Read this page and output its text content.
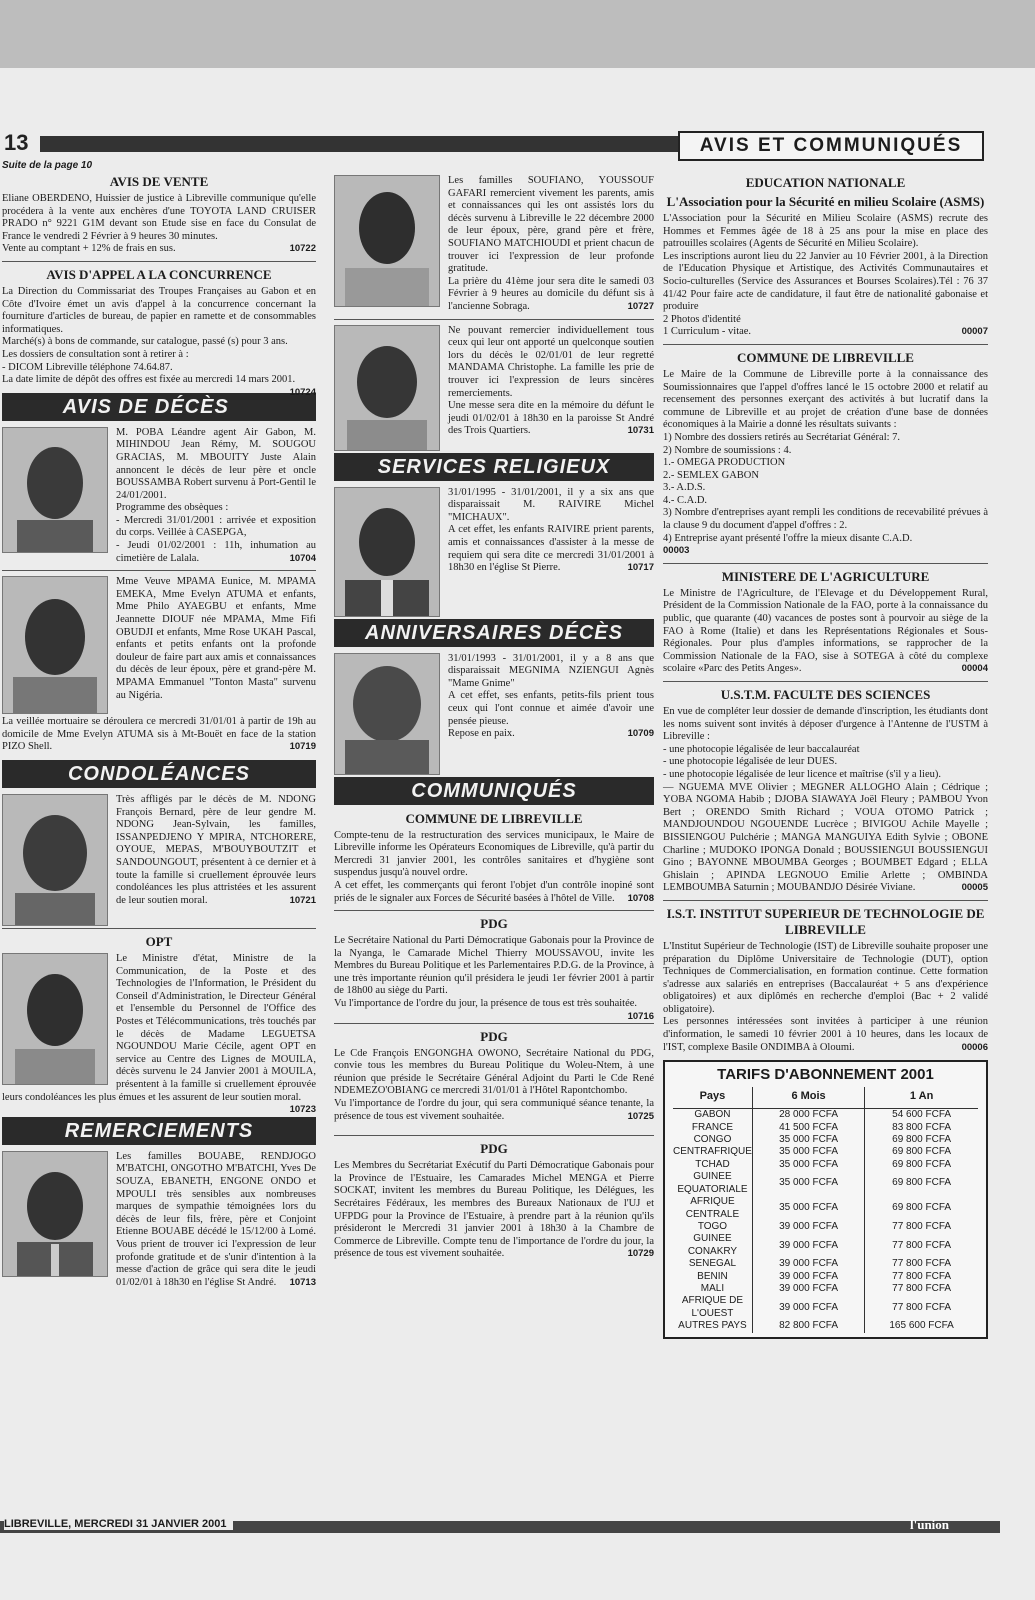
13	AVIS ET COMMUNIQUÉS

Suite de la page 10

AVIS DE VENTE

Eliane OBERDENO, Huissier de justice à Libreville communique qu'elle procédera à la vente aux enchères d'une TOYOTA LAND CRUISER PRADO n° 9221 G1M devant son Etude sise en face du Consulat de France le vendredi 2 Février à 9 heures 30 minutes.

Vente au comptant + 12% de frais en sus.	10722

AVIS D'APPEL A LA CONCURRENCE

La Direction du Commissariat des Troupes Françaises au Gabon et en Côte d'Ivoire émet un avis d'appel à la concurrence concernant la fourniture d'articles de bureau, de papier en ramette et de consommables informatiques.

Marché(s) à bons de commande, sur catalogue, passé (s) pour 3 ans.

Les dossiers de consultation sont à retirer à :

- DICOM Libreville téléphone 74.64.87.

La date limite de dépôt des offres est fixée au mercredi 14 mars 2001.
10724

AVIS DE DÉCÈS

M. POBA Léandre agent Air Gabon, M. MIHINDOU Jean Rémy, M. SOUGOU GRACIAS, M. MBOUITY Juste Alain annoncent le décès de leur père et oncle BOUSSAMBA Robert survenu à Port-Gentil le 24/01/2001.

Programme des obsèques :

- Mercredi 31/01/2001 : arrivée et exposition du corps. Veillée à CASEPGA,

- Jeudi 01/02/2001 : 11h, inhumation au cimetière de Lalala.	10704

Mme Veuve MPAMA Eunice, M. MPAMA EMEKA, Mme Evelyn ATUMA et enfants, Mme Philo AYAEGBU et enfants, Mme Jeannette DIOUF née MPAMA, Mme Fifi OBUDJI et enfants, Mme Rose UKAH Pascal, enfants et petits enfants ont la profonde douleur de faire part aux amis et connaissances du décès de leur époux, père et grand-père M. MPAMA Emmanuel "Tonton Masta" survenu au Nigéria.

La veillée mortuaire se déroulera ce mercredi 31/01/01 à partir de 19h au domicile de Mme Evelyn ATUMA sis à Mt-Bouët en face de la station PIZO Shell.	10719

CONDOLÉANCES

Très affligés par le décès de M. NDONG François Bernard, père de leur gendre M. NDONG Jean-Sylvain, les familles, ISSANPEDJENO Y MPIRA, NTCHORERE, OYOUE, MEPAS, M'BOUYBOUTZIT et SANDOUNGOUT, présentent à ce dernier et à toute la famille si cruellement éprouvée leurs condoléances les plus attristées et les assurent de leur soutien moral.	10721

OPT

Le Ministre d'état, Ministre de la Communication, de la Poste et des Technologies de l'Information, le Président du Conseil d'Administration, le Directeur Général et l'ensemble du Personnel de l'Office des Postes et Télécommunications, très touchés par le décès de Madame LEGUETSA NGOUNDOU Marie Cécile, agent OPT en service au Centre des Lignes de MOUILA, décès survenu le 24 Janvier 2001 à MOUILA, présentent à la famille si cruellement éprouvée leurs condoléances les plus émues et les assurent de leur soutien moral.
10723

REMERCIEMENTS

Les familles BOUABE, RENDJOGO M'BATCHI, ONGOTHO M'BATCHI, Yves De SOUZA, EBANETH, ENGONE ONDO et MPOULI très sensibles aux nombreuses marques de sympathie témoignées lors du décès de leur fils, frère, père et Conjoint Etienne BOUABE décédé le 15/12/00 à Lomé. Vous prient de trouver ici l'expression de leur profonde gratitude et de s'unir d'intention à la messe d'action de grâce qui sera dite le jeudi 01/02/01 à 18h30 en l'église St André. 10713

Les familles SOUFIANO, YOUSSOUF GAFARI remercient vivement les parents, amis et connaissances qui les ont assistés lors du décès survenu à Libreville le 22 décembre 2000 de leur époux, père, grand père et frère, SOUFIANO MATCHIOUDI et prient chacun de trouver ici l'expression de leur profonde gratitude.

La prière du 41ème jour sera dite le samedi 03 Février à 9 heures au domicile du défunt sis à l'ancienne Sobraga.	10727

Ne pouvant remercier individuellement tous ceux qui leur ont apporté un quelconque soutien lors du décès le 02/01/01 de leur regretté MANDAMA Christophe. La famille les prie de trouver ici l'expression de leurs sincères remerciements.

Une messe sera dite en la mémoire du défunt le jeudi 01/02/01 à 18h30 en la paroisse St André des Trois Quartiers.	10731

SERVICES RELIGIEUX

31/01/1995 - 31/01/2001, il y a six ans que disparaissait M. RAIVIRE Michel "MICHAUX".

A cet effet, les enfants RAIVIRE prient parents, amis et connaissances d'assister à la messe de requiem qui sera dite ce mercredi 31/01/2001 à 18h30 en l'église St Pierre.	10717

ANNIVERSAIRES DÉCÈS

31/01/1993 - 31/01/2001, il y a 8 ans que disparaissait MEGNIMA NZIENGUI Agnès "Mame Gnime"

A cet effet, ses enfants, petits-fils prient tous ceux qui l'ont connue et aimée d'avoir une pensée pieuse.

Repose en paix.	10709

COMMUNIQUÉS
COMMUNE DE LIBREVILLE

Compte-tenu de la restructuration des services municipaux, le Maire de Libreville informe les Opérateurs Economiques de Libreville, qu'à partir du Mercredi 31 janvier 2001, les contrôles sanitaires et d'hygiène sont suspendus jusqu'à nouvel ordre.

A cet effet, les commerçants qui feront l'objet d'un contrôle inopiné sont priés de le signaler aux Forces de Sécurité basées à l'hôtel de Ville. 10708

PDG

Le Secrétaire National du Parti Démocratique Gabonais pour la Province de la Nyanga, le Camarade Michel Thierry MOUSSAVOU, invite les Membres du Bureau Politique et les Parlementaires P.D.G. de la Province, à une très importante réunion qu'il présidera le jeudi 1er février 2001 à partir de 18h00 au siège du Parti.

Vu l'importance de l'ordre du jour, la présence de tous est très souhaitée.
10716

PDG

Le Cde François ENGONGHA OWONO, Secrétaire National du PDG, convie tous les membres du Bureau Politique du Woleu-Ntem, à une réunion que préside le Secrétaire Général Adjoint du Parti le Cde René NDEMEZO'OBIANG ce mercredi 31/01/01 à l'Hôtel Rapontchombo.

Vu l'importance de l'ordre du jour, qui sera communiqué séance tenante, la présence de tous est vivement souhaitée.	10725

PDG

Les Membres du Secrétariat Exécutif du Parti Démocratique Gabonais pour la Province de l'Estuaire, les Camarades Michel MENGA et Pierre SOCKAT, invitent les membres du Bureau Politique, les Délégues, les Secrétaires Fédéraux, les membres des Bureaux Nationaux de l'UJ et UFPDG pour la Province de l'Estuaire, à prendre part à la réunion qu'ils présideront le Mercredi 31 janvier 2001 à 18h30 à la Chambre de Commerce de Libreville. Compte tenu de l'importance de l'ordre du jour, la présence de tous est vivement souhaitée.	10729

EDUCATION NATIONALE
L'Association pour la Sécurité en milieu Scolaire (ASMS)

L'Association pour la Sécurité en Milieu Scolaire (ASMS) recrute des Hommes et Femmes âgée de 18 à 25 ans pour la mise en place des patrouilles scolaires (Agents de Sécurité en Milieu Scolaire).

Les inscriptions auront lieu du 22 Janvier au 10 Février 2001, à la Direction de l'Education Physique et Artistique, des Activités Communautaires et Socio-culturelles (Service des Assurances et Bourses Scolaires).Tél : 76 37 41/42 Pour faire acte de candidature, il faut être de nationalité gabonaise et produire

2 Photos d'identité

1 Curriculum - vitae.	00007

COMMUNE DE LIBREVILLE

Le Maire de la Commune de Libreville porte à la connaissance des Soumissionnaires que l'appel d'offres lancé le 15 octobre 2000 et relatif au recensement des personnes exerçant des activités à but lucratif dans la commune de Libreville et au projet de création d'une base de données économiques à la Mairie a donné les résultats suivants :

1) Nombre des dossiers retirés au Secrétariat Général: 7.

2) Nombre de soumissions : 4.

1.- OMEGA PRODUCTION

2.- SEMLEX GABON

3.- A.D.S.

4.- C.A.D.

3) Nombre d'entreprises ayant rempli les conditions de recevabilité prévues à la clause 9 du document d'appel d'offres : 2.

4) Entreprise ayant présenté l'offre la mieux disante C.A.D.

00003

MINISTERE DE L'AGRICULTURE

Le Ministre de l'Agriculture, de l'Elevage et du Développement Rural, Président de la Commission Nationale de la FAO, porte à la connaissance du public, que quarante (40) vacances de postes sont à pourvoir au siège de la FAO à Rome (Italie) et dans les Représentations Régionales et Sous-Régionales. Pour plus d'amples informations, se rapprocher de la Commission Nationale de la FAO, sise à SOTEGA à côté du complexe scolaire «Parc des Petits Anges».	00004

U.S.T.M. FACULTE DES SCIENCES

En vue de compléter leur dossier de demande d'inscription, les étudiants dont les noms suivent sont invités à déposer d'urgence à l'Antenne de l'USTM à Libreville :

- une photocopie légalisée de leur baccalauréat

- une photocopie légalisée de leur DUES.

- une photocopie légalisée de leur licence et maîtrise (s'il y a lieu).

— NGUEMA MVE Olivier ; MEGNER ALLOGHO Alain ; Cédrique ; YOBA NGOMA Habib ; DJOBA SIAWAYA Joël Fleury ; PAMBOU Yvon Bert ; ORENDO Smith Richard ; VOUA OTOMO Patrick ; MANDJOUNDOU NGOUENDE Lucrèce ; BIVIGOU Achile Mayelle ; BISSIENGOU Pulchérie ; MANGA MANGUIYA Edith Sylvie ; OBONE Charline ; MUDOKO IPONGA Donald ; BOUSSIENGUI BOUSSIENGUI Gino ; BAYONNE MBOUMBA Georges ; BOUMBET Edgard ; ELLA Ghislain ; APINDA LEGNOUO Emilie Arlette ; OMBINDA LEMBOUMBA Saturnin ; MOUBANDJO Désirée Viviane.	00005

I.S.T. INSTITUT SUPERIEUR DE TECHNOLOGIE DE LIBREVILLE

L'Institut Supérieur de Technologie (IST) de Libreville souhaite proposer une préparation du Diplôme Universitaire de Technologie (DUT), option Techniques de Commercialisation, en formation continue. Cette formation s'adresse aux salariés en entreprises (Baccalauréat + 5 ans d'expérience obligatoires) et aux diplômés en recherche d'emploi (Bac + 2 validé obligatoire).

Les personnes intéressées sont invitées à participer à une réunion d'information, le samedi 10 février 2001 à 10 heures, dans les locaux de l'IST, complexe Basile ONDIMBA à Oloumi.	00006

TARIFS D'ABONNEMENT 2001
Pays	6 Mois	1 An
GABON	28 000 FCFA	54 600 FCFA
FRANCE	41 500 FCFA	83 800 FCFA
CONGO	35 000 FCFA	69 800 FCFA
CENTRAFRIQUE	35 000 FCFA	69 800 FCFA
TCHAD	35 000 FCFA	69 800 FCFA
GUINEE EQUATORIALE	35 000 FCFA	69 800 FCFA
AFRIQUE CENTRALE	35 000 FCFA	69 800 FCFA
TOGO	39 000 FCFA	77 800 FCFA
GUINEE CONAKRY	39 000 FCFA	77 800 FCFA
SENEGAL	39 000 FCFA	77 800 FCFA
BENIN	39 000 FCFA	77 800 FCFA
MALI	39 000 FCFA	77 800 FCFA
AFRIQUE DE L'OUEST	39 000 FCFA	77 800 FCFA
AUTRES PAYS	82 800 FCFA	165 600 FCFA
LIBREVILLE, MERCREDI 31 JANVIER 2001	l'union
